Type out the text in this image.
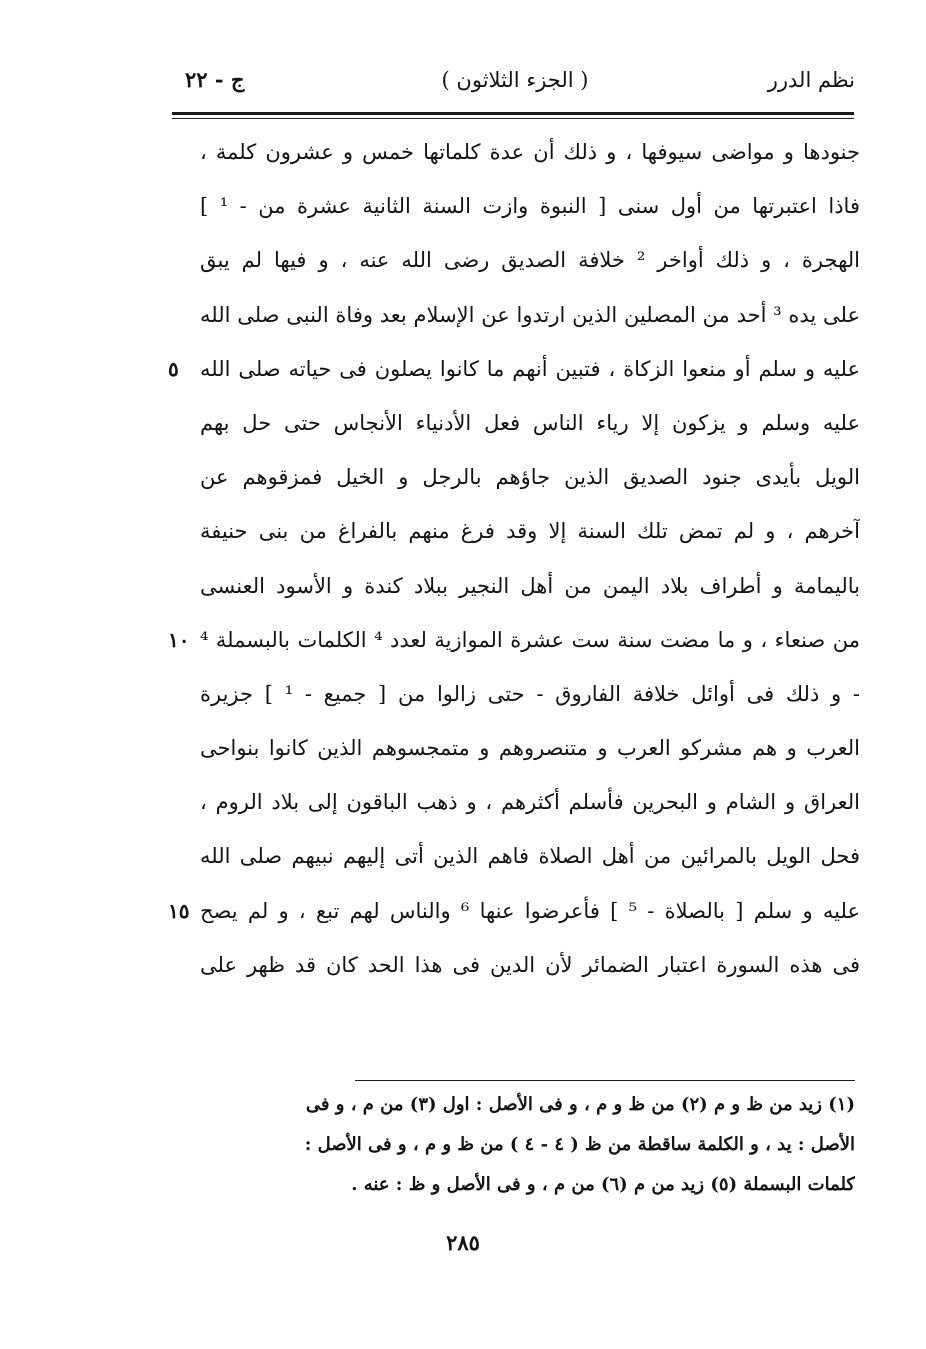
نظم الدرر
( الجزء الثلاثون )
ج - ٢٢
جنودها و مواضى سيوفها ، و ذلك أن عدة كلماتها خمس و عشرون كلمة ،
فاذا اعتبرتها من أول سنى [ النبوة وازت السنة الثانية عشرة من - ¹ ]
الهجرة ، و ذلك أواخر ² خلافة الصديق رضى الله عنه ، و فيها لم يبق
على يده ³ أحد من المصلين الذين ارتدوا عن الإسلام بعد وفاة النبى صلى الله
عليه و سلم أو منعوا الزكاة ، فتبين أنهم ما كانوا يصلون فى حياته صلى الله
٥
عليه وسلم و يزكون إلا رياء الناس فعل الأدنياء الأنجاس حتى حل بهم
الويل بأيدى جنود الصديق الذين جاؤهم بالرجل و الخيل فمزقوهم عن
آخرهم ، و لم تمض تلك السنة إلا وقد فرغ منهم بالفراغ من بنى حنيفة
باليمامة و أطراف بلاد اليمن من أهل النجير ببلاد كندة و الأسود العنسى
من صنعاء ، و ما مضت سنة ست عشرة الموازية لعدد ⁴ الكلمات بالبسملة ⁴
١٠
- و ذلك فى أوائل خلافة الفاروق - حتى زالوا من [ جميع - ¹ ] جزيرة
العرب و هم مشركو العرب و متنصروهم و متمجسوهم الذين كانوا بنواحى
العراق و الشام و البحرين فأسلم أكثرهم ، و ذهب الباقون إلى بلاد الروم ،
فحل الويل بالمرائين من أهل الصلاة فاهم الذين أتى إليهم نبيهم صلى الله
عليه و سلم [ بالصلاة - ⁵ ] فأعرضوا عنها ⁶ والناس لهم تبع ، و لم يصح
١٥
فى هذه السورة اعتبار الضمائر لأن الدين فى هذا الحد كان قد ظهر على
(١) زيد من ظ و م (٢) من ظ و م ، و فى الأصل : اول (٣) من م ، و فى
الأصل : يد ، و الكلمة ساقطة من ظ ( ٤ - ٤ ) من ظ و م ، و فى الأصل :
كلمات البسملة (٥) زيد من م (٦) من م ، و فى الأصل و ظ : عنه .
٢٨٥
